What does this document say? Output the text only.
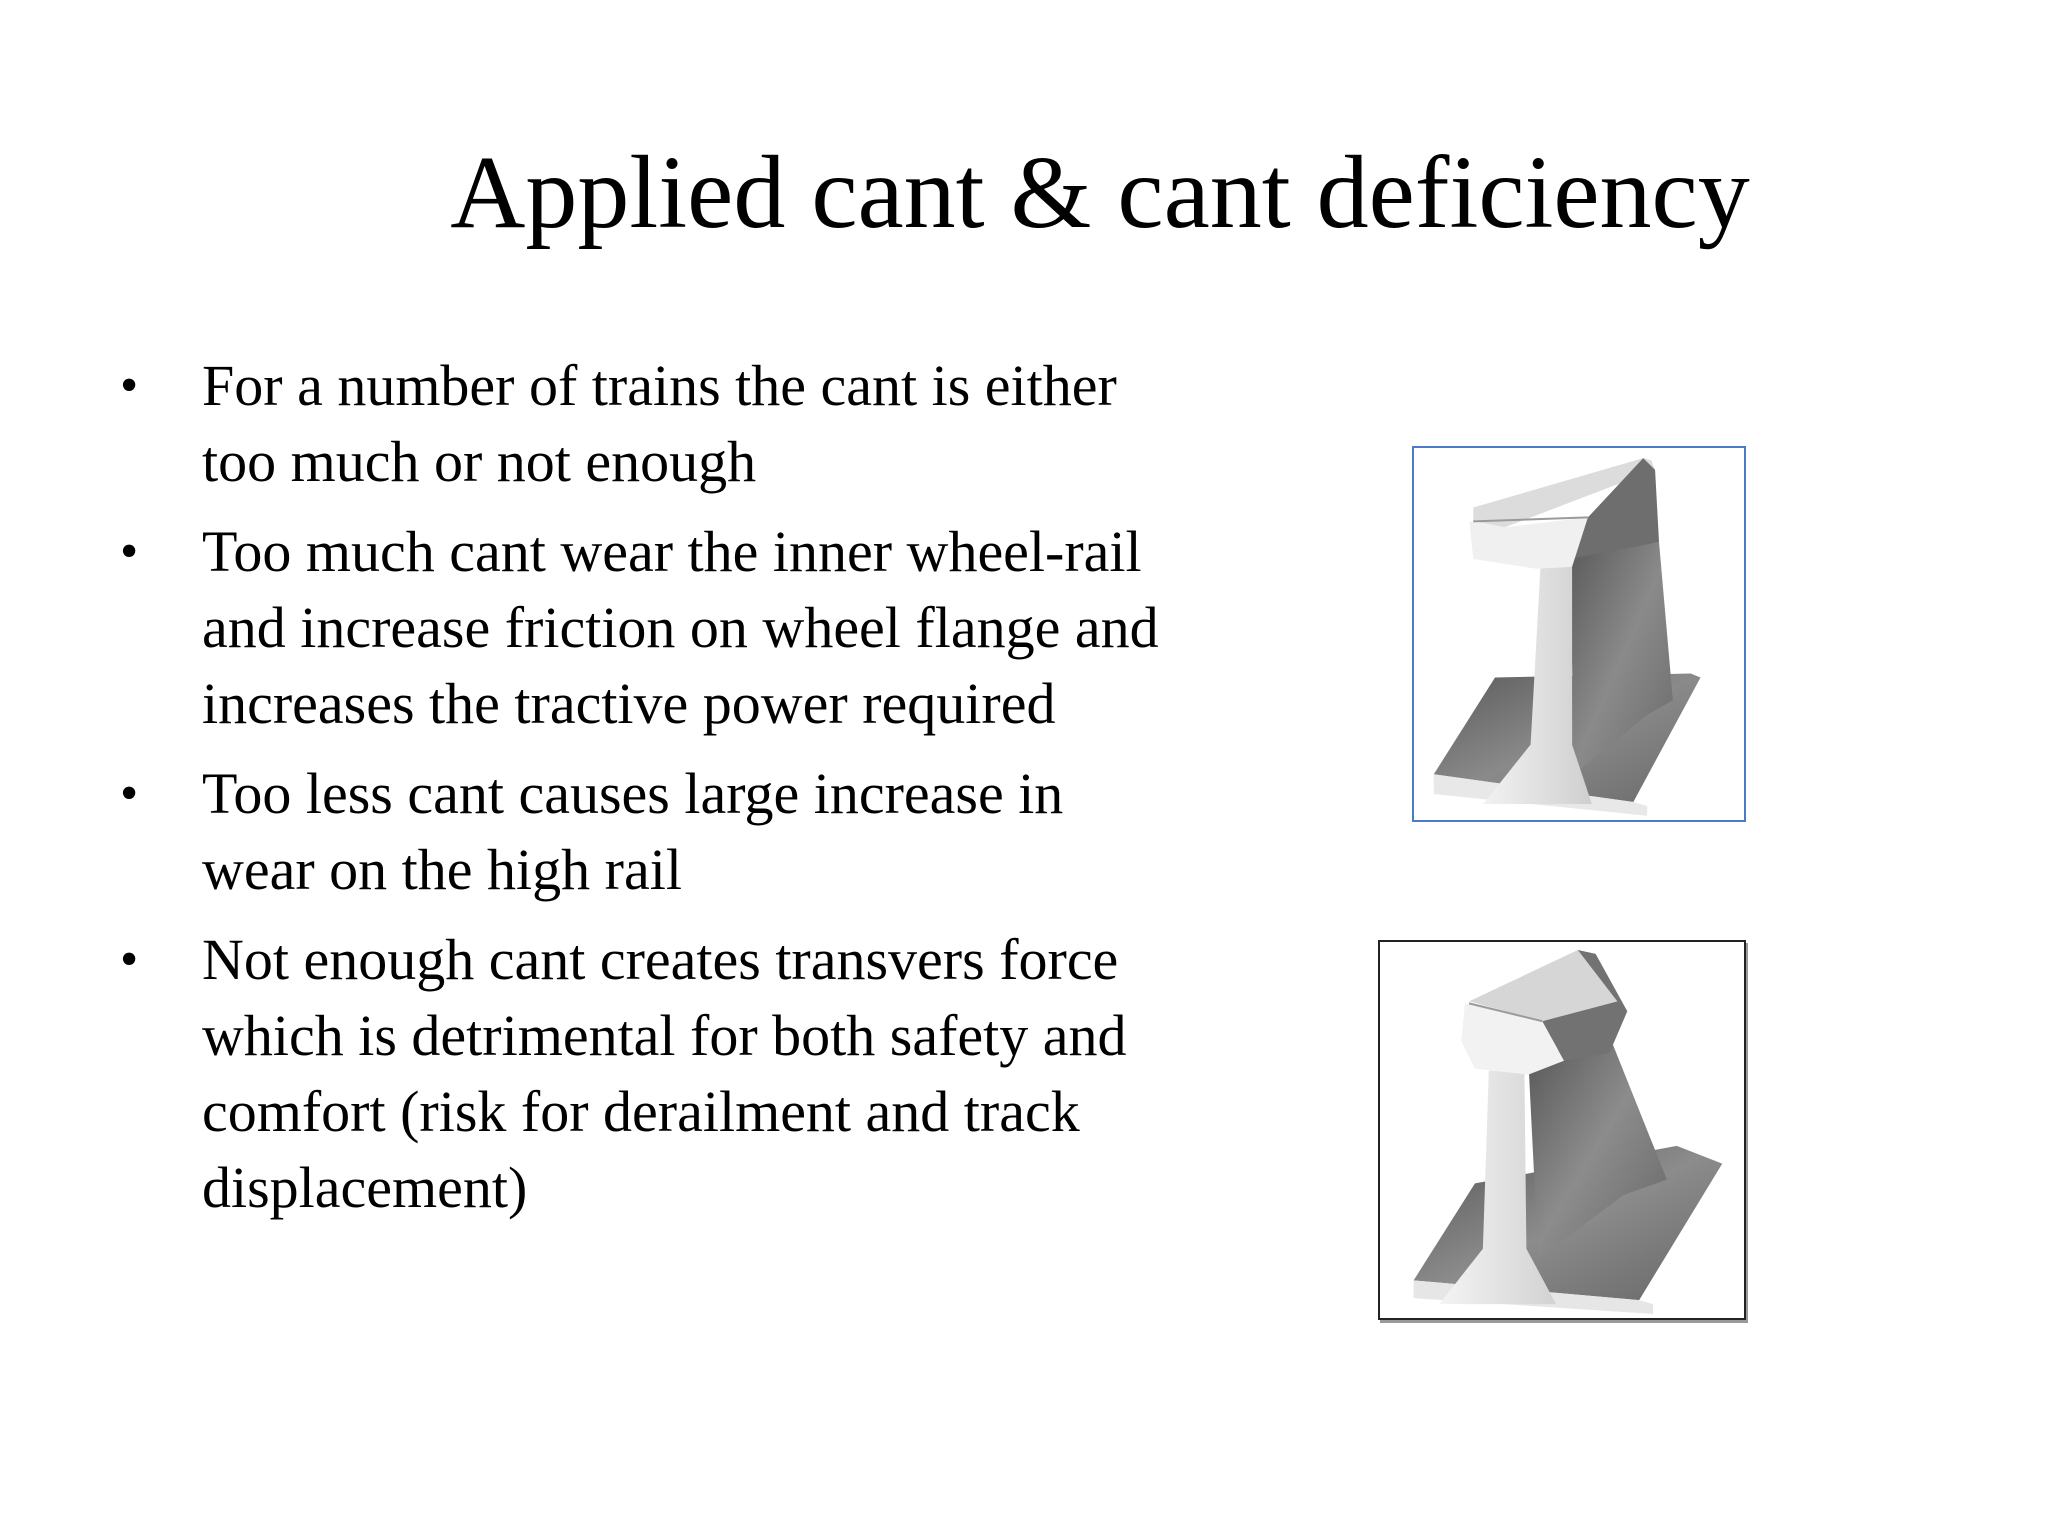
Applied cant & cant deficiency
• For a number of trains the cant is either too much or not enough
• Too much cant wear the inner wheel-rail and increase friction on wheel flange and increases the tractive power required
• Too less cant causes large increase in wear on the high rail
• Not enough cant creates transvers force which is detrimental for both safety and comfort (risk for derailment and track displacement)
